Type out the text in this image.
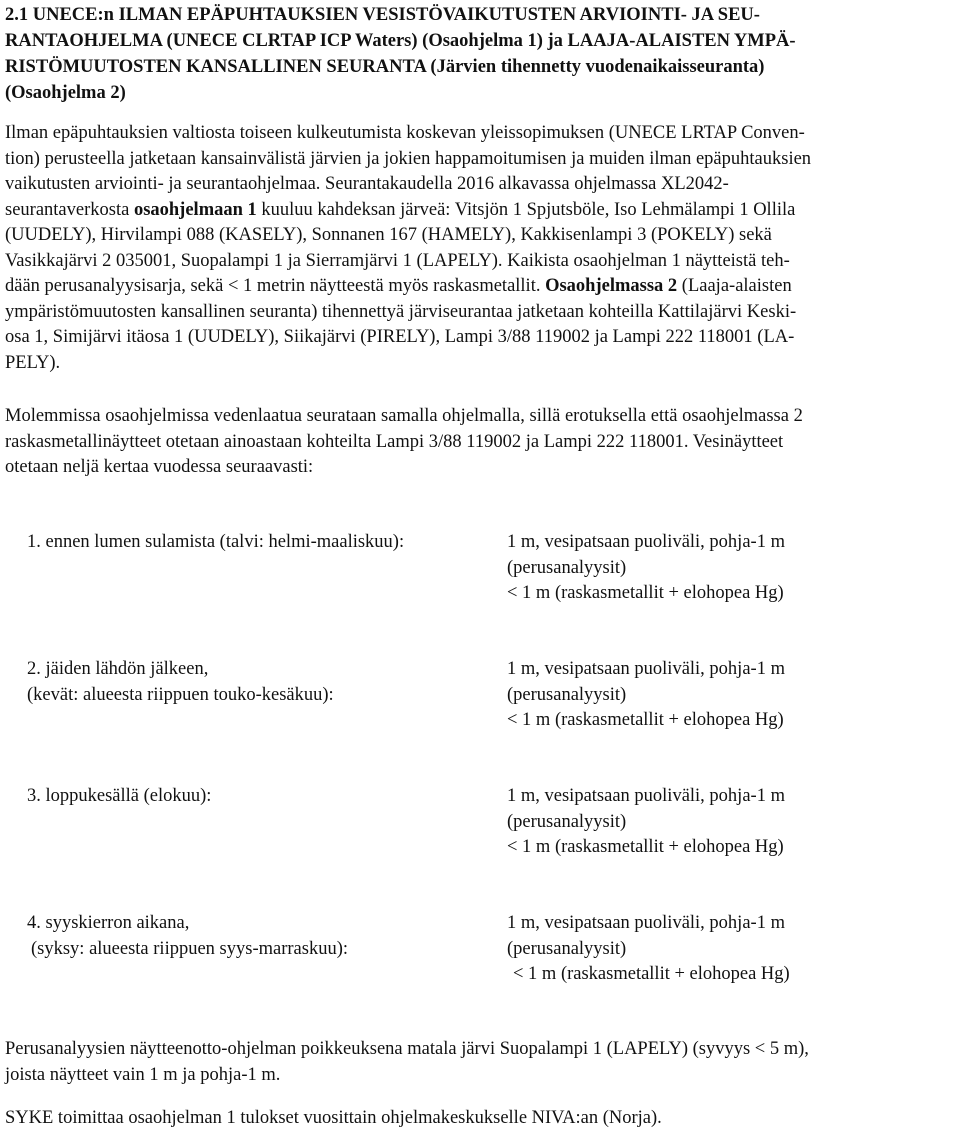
2.1 UNECE:n ILMAN EPÄPUHTAUKSIEN VESISTÖVAIKUTUSTEN ARVIOINTI- JA SEU-
RANTAOHJELMA (UNECE CLRTAP ICP Waters) (Osaohjelma 1) ja LAAJA-ALAISTEN YMPÄ-
RISTÖMUUTOSTEN KANSALLINEN SEURANTA (Järvien tihennetty vuodenaikaisseuranta)
(Osaohjelma 2)

Ilman epäpuhtauksien valtiosta toiseen kulkeutumista koskevan yleissopimuksen (UNECE LRTAP Conven-
tion) perusteella jatketaan kansainvälistä järvien ja jokien happamoitumisen ja muiden ilman epäpuhtauksien
vaikutusten arviointi- ja seurantaohjelmaa. Seurantakaudella 2016 alkavassa ohjelmassa XL2042-
seurantaverkosta osaohjelmaan 1 kuuluu kahdeksan järveä: Vitsjön 1 Spjutsböle, Iso Lehmälampi 1 Ollila
(UUDELY), Hirvilampi 088 (KASELY), Sonnanen 167 (HAMELY), Kakkisenlampi 3 (POKELY) sekä
Vasikkajärvi 2 035001, Suopalampi 1 ja Sierramjärvi 1 (LAPELY). Kaikista osaohjelman 1 näytteistä teh-
dään perusanalyysisarja, sekä < 1 metrin näytteestä myös raskasmetallit. Osaohjelmassa 2 (Laaja-alaisten
ympäristömuutosten kansallinen seuranta) tihennettyä järviseurantaa jatketaan kohteilla Kattilajärvi Keski-
osa 1, Simijärvi itäosa 1 (UUDELY), Siikajärvi (PIRELY), Lampi 3/88 119002 ja Lampi 222 118001 (LA-
PELY).

Molemmissa osaohjelmissa vedenlaatua seurataan samalla ohjelmalla, sillä erotuksella että osaohjelmassa 2
raskasmetallinäytteet otetaan ainoastaan kohteilta Lampi 3/88 119002 ja Lampi 222 118001. Vesinäytteet
otetaan neljä kertaa vuodessa seuraavasti:

1. ennen lumen sulamista (talvi: helmi-maaliskuu):	1 m, vesipatsaan puoliväli, pohja-1 m
(perusanalyysit)
< 1 m (raskasmetallit + elohopea Hg)
2. jäiden lähdön jälkeen,
(kevät: alueesta riippuen touko-kesäkuu):
1 m, vesipatsaan puoliväli, pohja-1 m
(perusanalyysit)
< 1 m (raskasmetallit + elohopea Hg)
3. loppukesällä (elokuu):	1 m, vesipatsaan puoliväli, pohja-1 m
(perusanalyysit)
< 1 m (raskasmetallit + elohopea Hg)
4. syyskierron aikana,
(syksy: alueesta riippuen syys-marraskuu):
1 m, vesipatsaan puoliväli, pohja-1 m
(perusanalyysit)
< 1 m (raskasmetallit + elohopea Hg)

Perusanalyysien näytteenotto-ohjelman poikkeuksena matala järvi Suopalampi 1 (LAPELY) (syvyys < 5 m),
joista näytteet vain 1 m ja pohja-1 m.

SYKE toimittaa osaohjelman 1 tulokset vuosittain ohjelmakeskukselle NIVA:an (Norja).
